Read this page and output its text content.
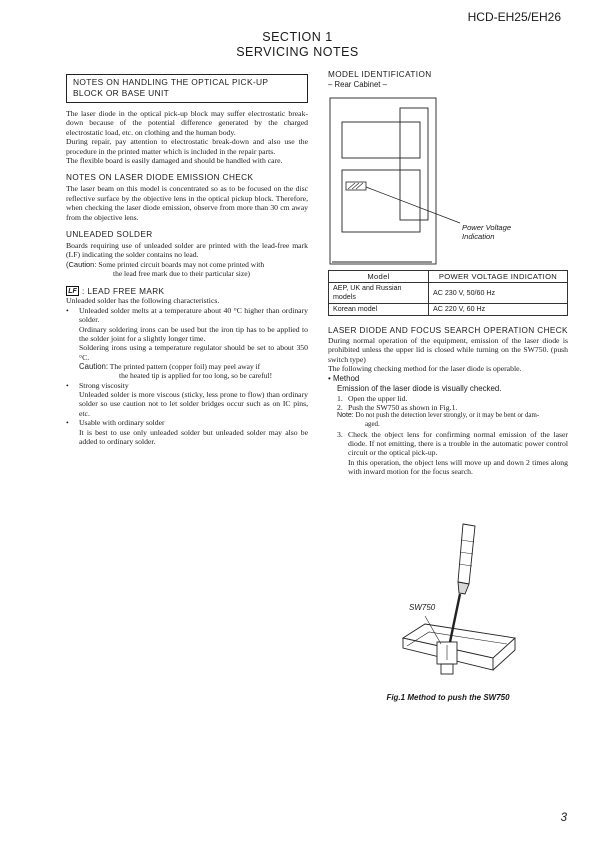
HCD-EH25/EH26
SECTION 1
SERVICING NOTES
NOTES ON HANDLING THE OPTICAL PICK-UP BLOCK OR BASE UNIT

The laser diode in the optical pick-up block may suffer electrostatic break-down because of the potential difference generated by the charged electrostatic load, etc. on clothing and the human body.

During repair, pay attention to electrostatic break-down and also use the procedure in the printed matter which is included in the repair parts.

The flexible board is easily damaged and should be handled with care.

NOTES ON LASER DIODE EMISSION CHECK

The laser beam on this model is concentrated so as to be focused on the disc reflective surface by the objective lens in the optical pickup block. Therefore, when checking the laser diode emission, observe from more than 30 cm away from the objective lens.

UNLEADED SOLDER

Boards requiring use of unleaded solder are printed with the lead-free mark (LF) indicating the solder contains no lead.

(Caution: Some printed circuit boards may not come printed with
the lead free mark due to their particular size)
LF : LEAD FREE MARK

Unleaded solder has the following characteristics.

• Unleaded solder melts at a temperature about 40 °C higher than ordinary solder.
Ordinary soldering irons can be used but the iron tip has to be applied to the solder joint for a slightly longer time.
Soldering irons using a temperature regulator should be set to about 350 °C.
Caution: The printed pattern (copper foil) may peel away if
the heated tip is applied for too long, so be careful!
• Strong viscosity
Unleaded solder is more viscous (sticky, less prone to flow) than ordinary solder so use caution not to let solder bridges occur such as on IC pins, etc.
• Usable with ordinary solder
It is best to use only unleaded solder but unleaded solder may also be added to ordinary solder.
MODEL IDENTIFICATION
– Rear Cabinet –
Power Voltage
Indication
Model	POWER VOLTAGE INDICATION
AEP, UK and Russian models	AC 230 V, 50/60 Hz
Korean model	AC 220 V, 60 Hz
LASER DIODE AND FOCUS SEARCH OPERATION CHECK

During normal operation of the equipment, emission of the laser diode is prohibited unless the upper lid is closed while turning on the SW750. (push switch type)

The following checking method for the laser diode is operable.

• Method
Emission of the laser diode is visually checked.
1. Open the upper lid.
2. Push the SW750 as shown in Fig.1.
Note: Do not push the detection lever strongly, or it may be bent or dam-
aged.
3. Check the object lens for confirming normal emission of the laser diode. If not emitting, there is a trouble in the automatic power control circuit or the optical pick-up.
In this operation, the object lens will move up and down 2 times along with inward motion for the focus search.
SW750
Fig.1 Method to push the SW750
3
